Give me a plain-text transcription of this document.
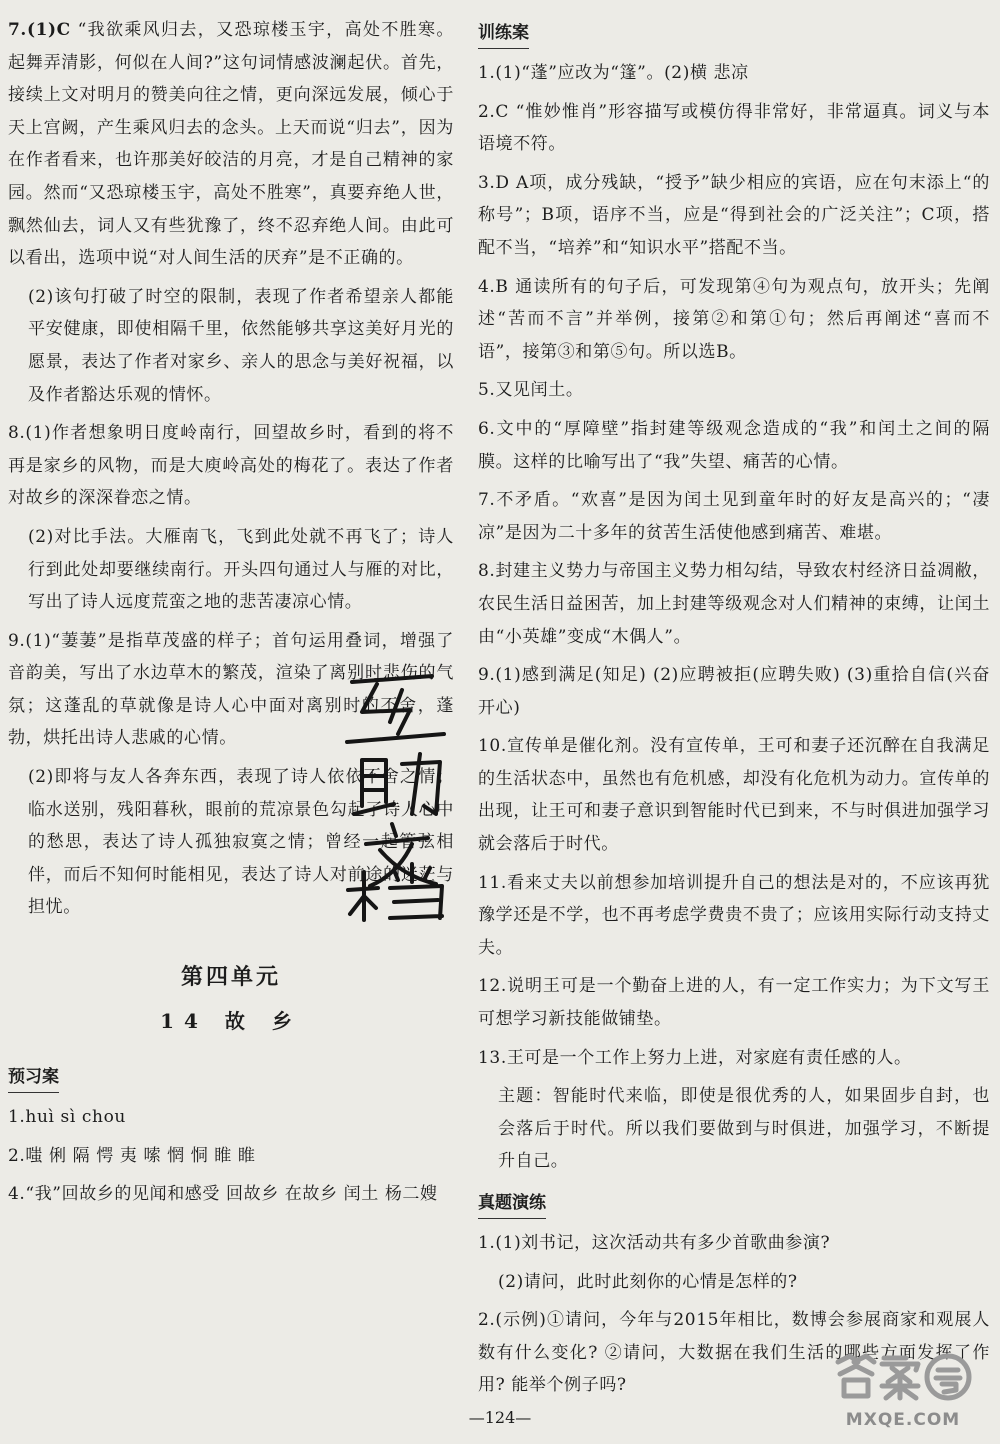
7.(1)C “我欲乘风归去，又恐琼楼玉宇，高处不胜寒。起舞弄清影，何似在人间?”这句词情感波澜起伏。首先，接续上文对明月的赞美向往之情，更向深远发展，倾心于天上宫阙，产生乘风归去的念头。上天而说“归去”，因为在作者看来，也许那美好皎洁的月亮，才是自己精神的家园。然而“又恐琼楼玉宇，高处不胜寒”，真要弃绝人世，飘然仙去，词人又有些犹豫了，终不忍弃绝人间。由此可以看出，选项中说“对人间生活的厌弃”是不正确的。

(2)该句打破了时空的限制，表现了作者希望亲人都能平安健康，即使相隔千里，依然能够共享这美好月光的愿景，表达了作者对家乡、亲人的思念与美好祝福，以及作者豁达乐观的情怀。

8.(1)作者想象明日度岭南行，回望故乡时，看到的将不再是家乡的风物，而是大庾岭高处的梅花了。表达了作者对故乡的深深眷恋之情。

(2)对比手法。大雁南飞，飞到此处就不再飞了；诗人行到此处却要继续南行。开头四句通过人与雁的对比，写出了诗人远度荒蛮之地的悲苦凄凉心情。

9.(1)“萋萋”是指草茂盛的样子；首句运用叠词，增强了音韵美，写出了水边草木的繁茂，渲染了离别时悲伤的气氛；这蓬乱的草就像是诗人心中面对离别时的不舍，蓬勃，烘托出诗人悲戚的心情。

(2)即将与友人各奔东西，表现了诗人依依不舍之情；临水送别，残阳暮秋，眼前的荒凉景色勾起了诗人心中的愁思，表达了诗人孤独寂寞之情；曾经一起管弦相伴，而后不知何时能相见，表达了诗人对前途的迷茫与担忧。

第四单元
14 故 乡
预习案

1.huì sì chou

2.嗤 俐 隔 愕 夷 嗦 惘 恫 睢 睢

4.“我”回故乡的见闻和感受 回故乡 在故乡 闰土 杨二嫂

训练案

1.(1)“蓬”应改为“篷”。(2)横 悲凉

2.C “惟妙惟肖”形容描写或模仿得非常好，非常逼真。词义与本语境不符。

3.D A项，成分残缺，“授予”缺少相应的宾语，应在句末添上“的称号”；B项，语序不当，应是“得到社会的广泛关注”；C项，搭配不当，“培养”和“知识水平”搭配不当。

4.B 通读所有的句子后，可发现第④句为观点句，放开头；先阐述“苦而不言”并举例，接第②和第①句；然后再阐述“喜而不语”，接第③和第⑤句。所以选B。

5.又见闰土。

6.文中的“厚障壁”指封建等级观念造成的“我”和闰土之间的隔膜。这样的比喻写出了“我”失望、痛苦的心情。

7.不矛盾。“欢喜”是因为闰土见到童年时的好友是高兴的；“凄凉”是因为二十多年的贫苦生活使他感到痛苦、难堪。

8.封建主义势力与帝国主义势力相勾结，导致农村经济日益凋敝，农民生活日益困苦，加上封建等级观念对人们精神的束缚，让闰土由“小英雄”变成“木偶人”。

9.(1)感到满足(知足) (2)应聘被拒(应聘失败) (3)重拾自信(兴奋开心)

10.宣传单是催化剂。没有宣传单，王可和妻子还沉醉在自我满足的生活状态中，虽然也有危机感，却没有化危机为动力。宣传单的出现，让王可和妻子意识到智能时代已到来，不与时俱进加强学习就会落后于时代。

11.看来丈夫以前想参加培训提升自己的想法是对的，不应该再犹豫学还是不学，也不再考虑学费贵不贵了；应该用实际行动支持丈夫。

12.说明王可是一个勤奋上进的人，有一定工作实力；为下文写王可想学习新技能做铺垫。

13.王可是一个工作上努力上进，对家庭有责任感的人。

主题：智能时代来临，即使是很优秀的人，如果固步自封，也会落后于时代。所以我们要做到与时俱进，加强学习，不断提升自己。

真题演练

1.(1)刘书记，这次活动共有多少首歌曲参演?

(2)请问，此时此刻你的心情是怎样的?

2.(示例)①请问，今年与2015年相比，数博会参展商家和观展人数有什么变化? ②请问，大数据在我们生活的哪些方面发挥了作用? 能举个例子吗?

—124—	MXQE.COM
